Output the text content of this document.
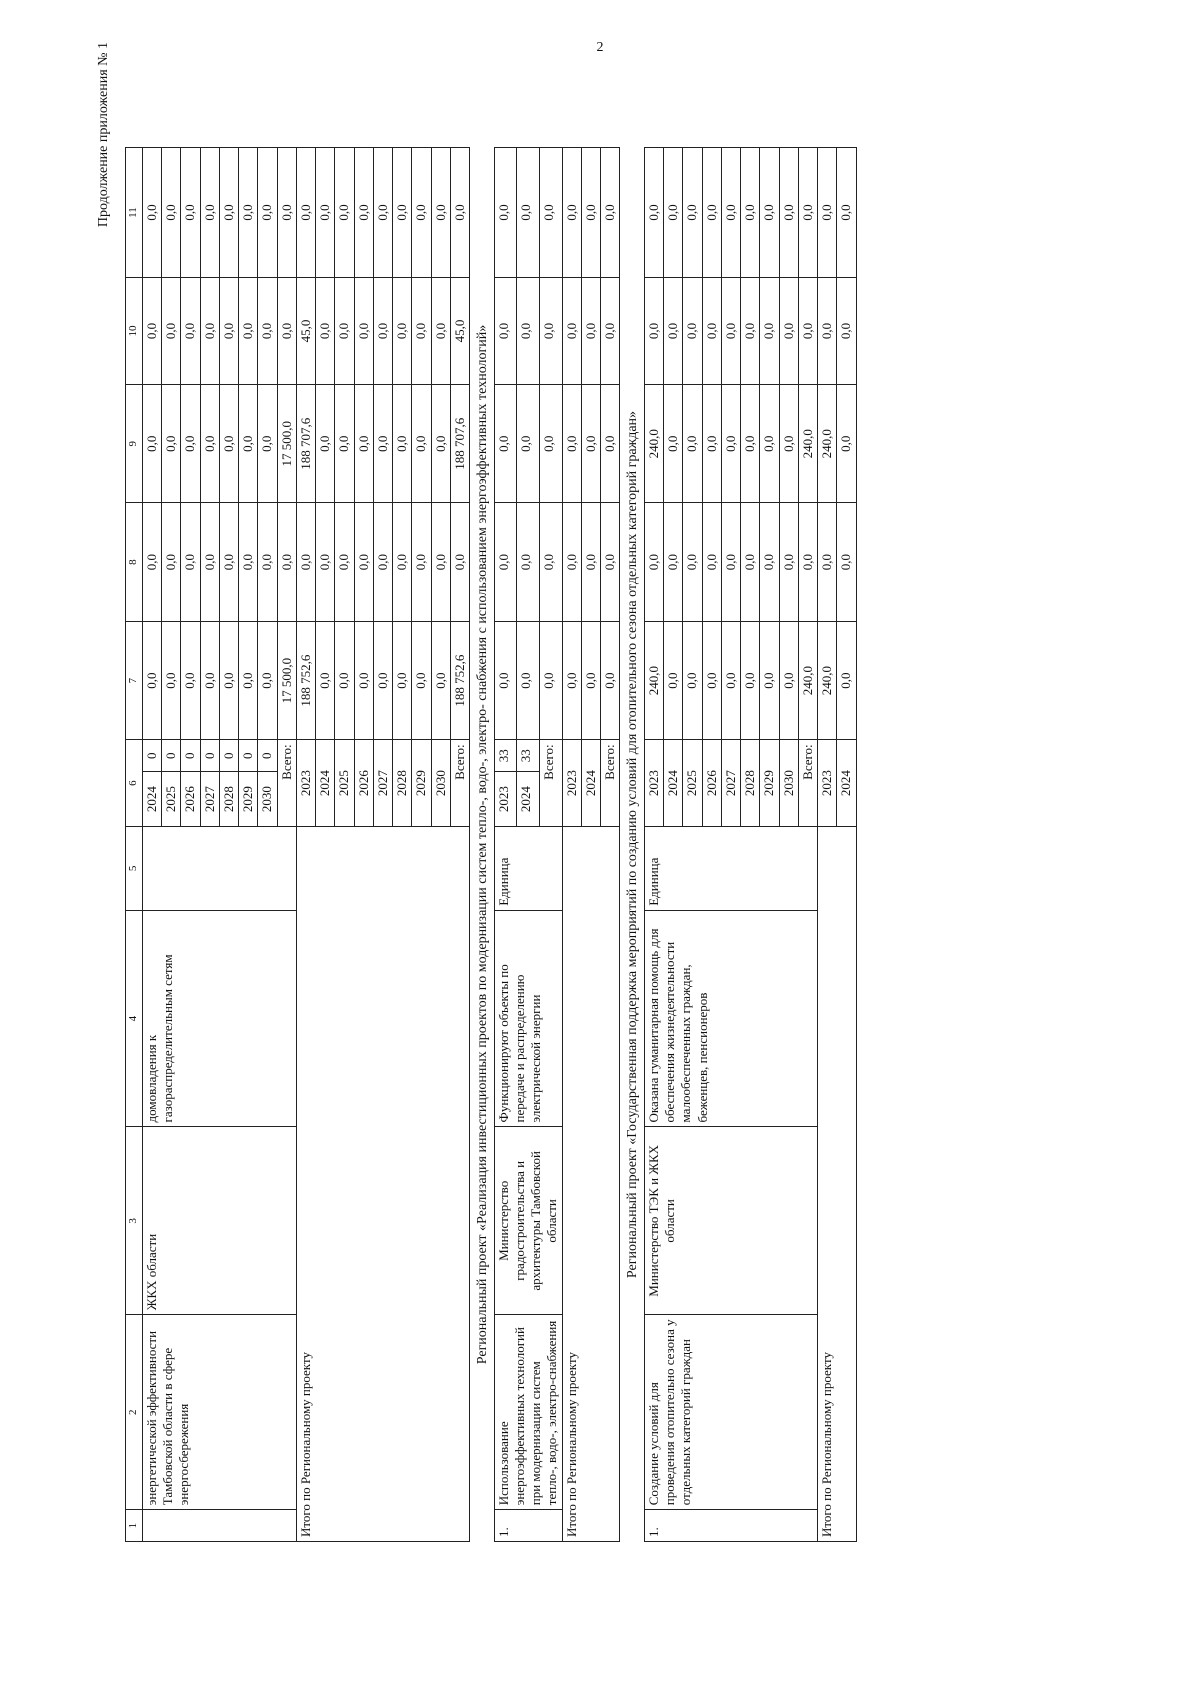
2
Продолжение приложения № 1
1	2	3	4	5	6		7	8	9	10	11
	энергетической эффективности Тамбовской области в сфере энергосбережения	ЖКХ области	домовладения к газораспределительным сетям		2024	0	0,0	0,0	0,0	0,0	0,0
					2025	0	0,0	0,0	0,0	0,0	0,0
					2026	0	0,0	0,0	0,0	0,0	0,0
					2027	0	0,0	0,0	0,0	0,0	0,0
					2028	0	0,0	0,0	0,0	0,0	0,0
					2029	0	0,0	0,0	0,0	0,0	0,0
					2030	0	0,0	0,0	0,0	0,0	0,0
					Всего:		17 500,0	0,0	17 500,0	0,0	0,0
Итого по Региональному проекту					2023		188 752,6	0,0	188 707,6	45,0	0,0
					2024		0,0	0,0	0,0	0,0	0,0
					2025		0,0	0,0	0,0	0,0	0,0
					2026		0,0	0,0	0,0	0,0	0,0
					2027		0,0	0,0	0,0	0,0	0,0
					2028		0,0	0,0	0,0	0,0	0,0
					2029		0,0	0,0	0,0	0,0	0,0
					2030		0,0	0,0	0,0	0,0	0,0
					Всего:		188 752,6	0,0	188 707,6	45,0	0,0
Региональный проект «Реализация инвестиционных проектов по модернизации систем тепло-, водо-, электро- снабжения с использованием энергоэффективных технологий»											
1.	Использование энергоэффективных технологий при модернизации систем тепло-, водо-, электро-снабжения	Министерство градостроительства и архитектуры Тамбовской области	Функционируют объекты по передаче и распределению электрической энергии	Единица	2023	33	0,0	0,0	0,0	0,0	0,0
					2024	33	0,0	0,0	0,0	0,0	0,0
					Всего:		0,0	0,0	0,0	0,0	0,0
Итого по Региональному проекту					2023		0,0	0,0	0,0	0,0	0,0
					2024		0,0	0,0	0,0	0,0	0,0
					Всего:		0,0	0,0	0,0	0,0	0,0
Региональный проект «Государственная поддержка мероприятий по созданию условий для отопительного сезона отдельных категорий граждан»											
1.	Создание условий для проведения отопительно сезона у отдельных категорий граждан	Министерство ТЭК и ЖКХ области	Оказана гуманитарная помощь для обеспечения жизнедеятельности малообеспеченных граждан, беженцев, пенсионеров	Единица	2023		240,0	0,0	240,0	0,0	0,0
					2024		0,0	0,0	0,0	0,0	0,0
					2025		0,0	0,0	0,0	0,0	0,0
					2026		0,0	0,0	0,0	0,0	0,0
					2027		0,0	0,0	0,0	0,0	0,0
					2028		0,0	0,0	0,0	0,0	0,0
					2029		0,0	0,0	0,0	0,0	0,0
					2030		0,0	0,0	0,0	0,0	0,0
					Всего:		240,0	0,0	240,0	0,0	0,0
Итого по Региональному проекту					2023		240,0	0,0	240,0	0,0	0,0
					2024		0,0	0,0	0,0	0,0	0,0
